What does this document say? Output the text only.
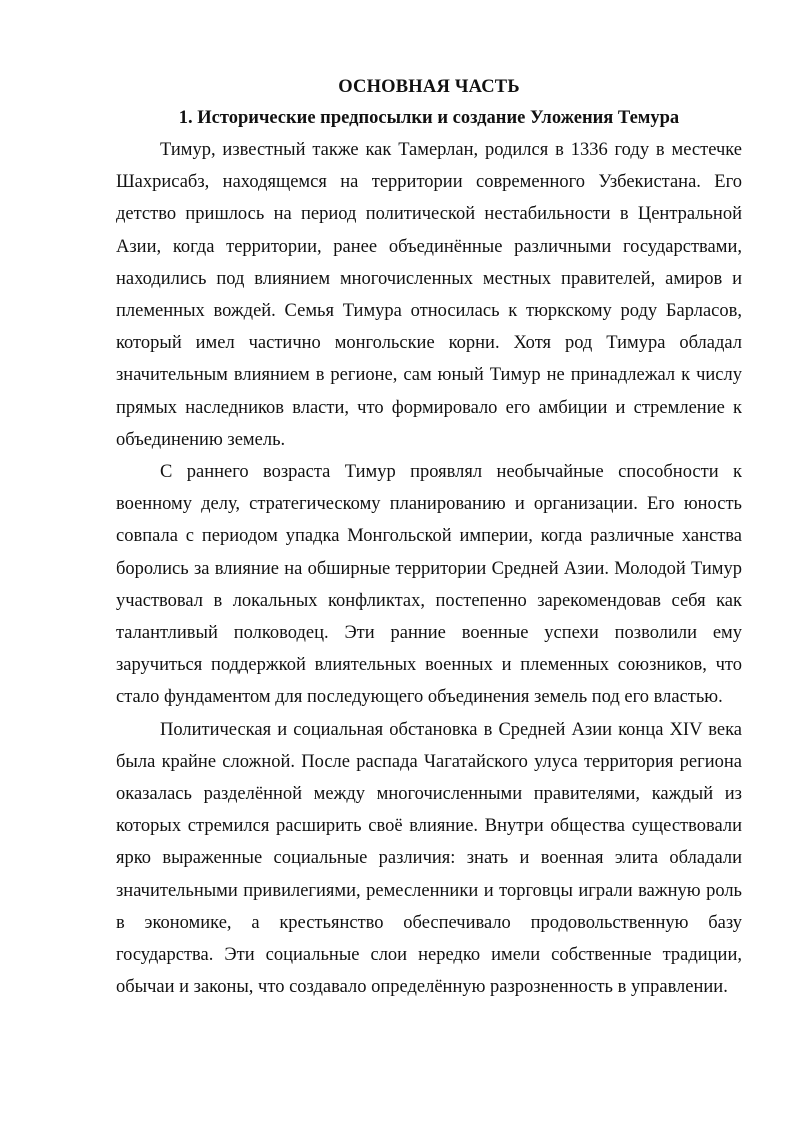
ОСНОВНАЯ ЧАСТЬ
1. Исторические предпосылки и создание Уложения Темура

Тимур, известный также как Тамерлан, родился в 1336 году в местечке Шахрисабз, находящемся на территории современного Узбекистана. Его детство пришлось на период политической нестабильности в Центральной Азии, когда территории, ранее объединённые различными государствами, находились под влиянием многочисленных местных правителей, амиров и племенных вождей. Семья Тимура относилась к тюркскому роду Барласов, который имел частично монгольские корни. Хотя род Тимура обладал значительным влиянием в регионе, сам юный Тимур не принадлежал к числу прямых наследников власти, что формировало его амбиции и стремление к объединению земель.

С раннего возраста Тимур проявлял необычайные способности к военному делу, стратегическому планированию и организации. Его юность совпала с периодом упадка Монгольской империи, когда различные ханства боролись за влияние на обширные территории Средней Азии. Молодой Тимур участвовал в локальных конфликтах, постепенно зарекомендовав себя как талантливый полководец. Эти ранние военные успехи позволили ему заручиться поддержкой влиятельных военных и племенных союзников, что стало фундаментом для последующего объединения земель под его властью.

Политическая и социальная обстановка в Средней Азии конца XIV века была крайне сложной. После распада Чагатайского улуса территория региона оказалась разделённой между многочисленными правителями, каждый из которых стремился расширить своё влияние. Внутри общества существовали ярко выраженные социальные различия: знать и военная элита обладали значительными привилегиями, ремесленники и торговцы играли важную роль в экономике, а крестьянство обеспечивало продовольственную базу государства. Эти социальные слои нередко имели собственные традиции, обычаи и законы, что создавало определённую разрозненность в управлении.
